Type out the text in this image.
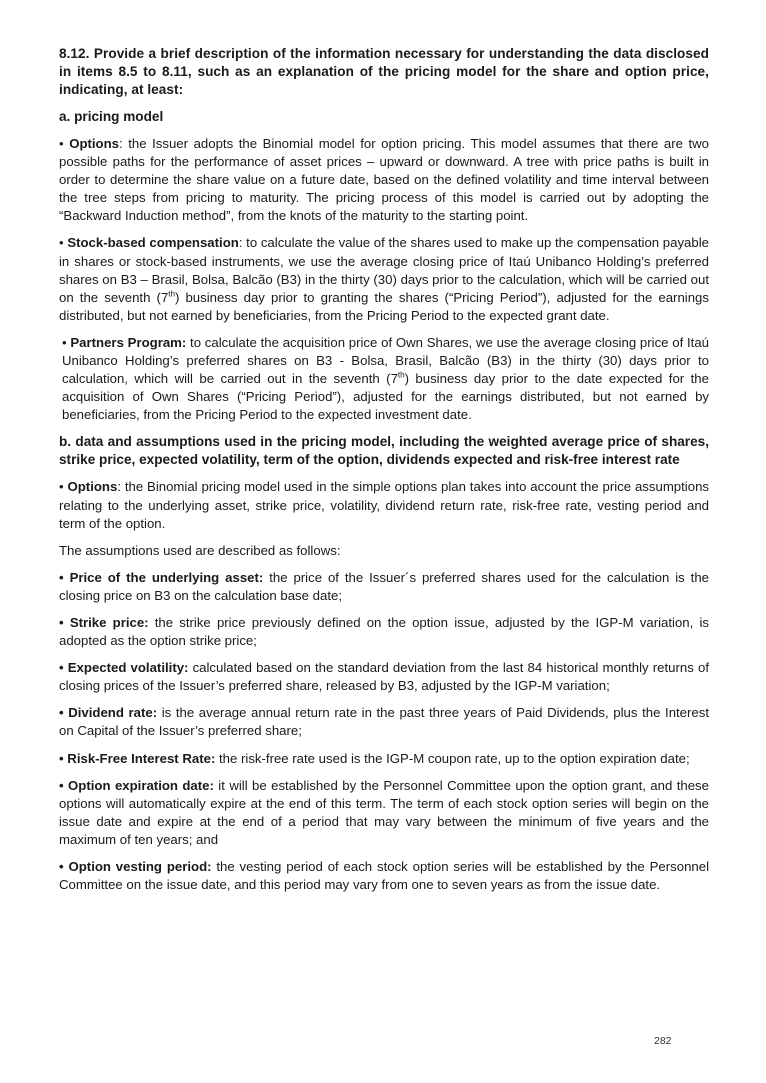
8.12. Provide a brief description of the information necessary for understanding the data disclosed in items 8.5 to 8.11, such as an explanation of the pricing model for the share and option price, indicating, at least:
a. pricing model

• Options: the Issuer adopts the Binomial model for option pricing. This model assumes that there are two possible paths for the performance of asset prices – upward or downward. A tree with price paths is built in order to determine the share value on a future date, based on the defined volatility and time interval between the tree steps from pricing to maturity. The pricing process of this model is carried out by adopting the “Backward Induction method”, from the knots of the maturity to the starting point.

• Stock-based compensation: to calculate the value of the shares used to make up the compensation payable in shares or stock-based instruments, we use the average closing price of Itaú Unibanco Holding’s preferred shares on B3 – Brasil, Bolsa, Balcão (B3) in the thirty (30) days prior to the calculation, which will be carried out on the seventh (7th) business day prior to granting the shares (“Pricing Period”), adjusted for the earnings distributed, but not earned by beneficiaries, from the Pricing Period to the expected grant date.

• Partners Program: to calculate the acquisition price of Own Shares, we use the average closing price of Itaú Unibanco Holding’s preferred shares on B3 - Bolsa, Brasil, Balcão (B3) in the thirty (30) days prior to calculation, which will be carried out in the seventh (7th) business day prior to the date expected for the acquisition of Own Shares (“Pricing Period”), adjusted for the earnings distributed, but not earned by beneficiaries, from the Pricing Period to the expected investment date.

b. data and assumptions used in the pricing model, including the weighted average price of shares, strike price, expected volatility, term of the option, dividends expected and risk-free interest rate

• Options: the Binomial pricing model used in the simple options plan takes into account the price assumptions relating to the underlying asset, strike price, volatility, dividend return rate, risk-free rate, vesting period and term of the option.

The assumptions used are described as follows:

• Price of the underlying asset: the price of the Issuer´s preferred shares used for the calculation is the closing price on B3 on the calculation base date;

• Strike price: the strike price previously defined on the option issue, adjusted by the IGP-M variation, is adopted as the option strike price;

• Expected volatility: calculated based on the standard deviation from the last 84 historical monthly returns of closing prices of the Issuer’s preferred share, released by B3, adjusted by the IGP-M variation;

• Dividend rate: is the average annual return rate in the past three years of Paid Dividends, plus the Interest on Capital of the Issuer’s preferred share;

• Risk-Free Interest Rate: the risk-free rate used is the IGP-M coupon rate, up to the option expiration date;

• Option expiration date: it will be established by the Personnel Committee upon the option grant, and these options will automatically expire at the end of this term. The term of each stock option series will begin on the issue date and expire at the end of a period that may vary between the minimum of five years and the maximum of ten years; and

• Option vesting period: the vesting period of each stock option series will be established by the Personnel Committee on the issue date, and this period may vary from one to seven years as from the issue date.

282
